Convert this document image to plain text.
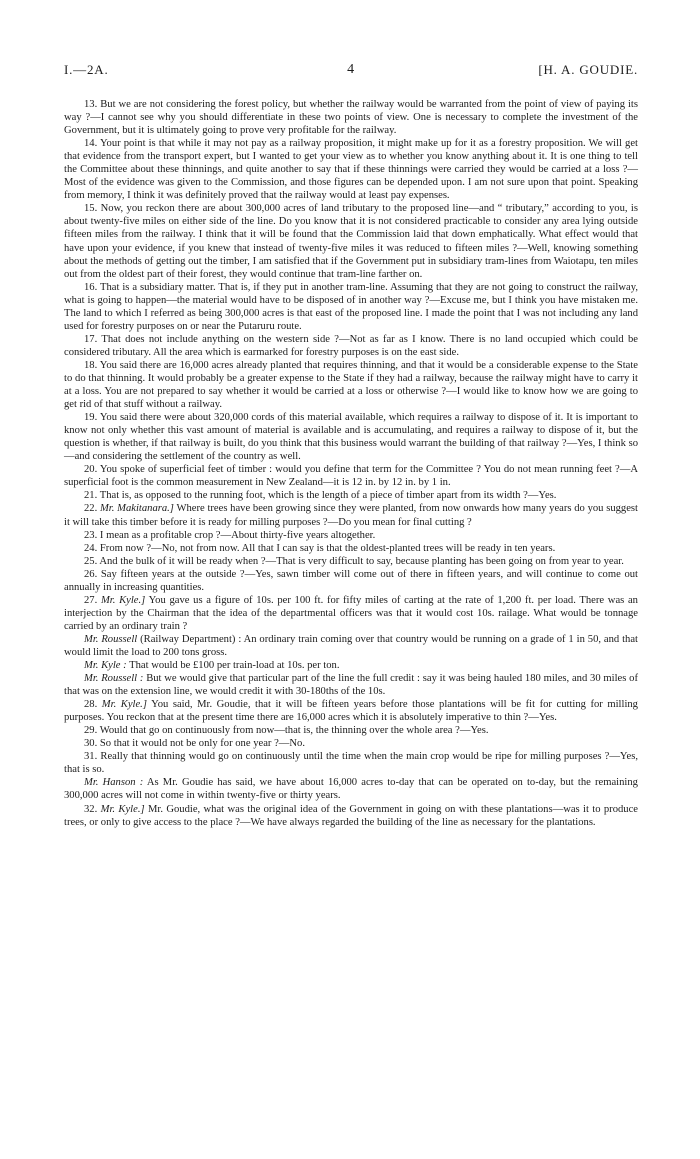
I.—2A.	4	[H. A. GOUDIE.

13. But we are not considering the forest policy, but whether the railway would be warranted from the point of view of paying its way ?—I cannot see why you should differentiate in these two points of view. One is necessary to complete the investment of the Government, but it is ultimately going to prove very profitable for the railway.

14. Your point is that while it may not pay as a railway proposition, it might make up for it as a forestry proposition. We will get that evidence from the transport expert, but I wanted to get your view as to whether you know anything about it. It is one thing to tell the Committee about these thinnings, and quite another to say that if these thinnings were carried they would be carried at a loss ?—Most of the evidence was given to the Commission, and those figures can be depended upon. I am not sure upon that point. Speaking from memory, I think it was definitely proved that the railway would at least pay expenses.

15. Now, you reckon there are about 300,000 acres of land tributary to the proposed line—and “ tributary,” according to you, is about twenty-five miles on either side of the line. Do you know that it is not considered practicable to consider any area lying outside fifteen miles from the railway. I think that it will be found that the Commission laid that down emphatically. What effect would that have upon your evidence, if you knew that instead of twenty-five miles it was reduced to fifteen miles ?—Well, knowing something about the methods of getting out the timber, I am satisfied that if the Government put in subsidiary tram-lines from Waiotapu, ten miles out from the oldest part of their forest, they would continue that tram-line farther on.

16. That is a subsidiary matter. That is, if they put in another tram-line. Assuming that they are not going to construct the railway, what is going to happen—the material would have to be disposed of in another way ?—Excuse me, but I think you have mistaken me. The land to which I referred as being 300,000 acres is that east of the proposed line. I made the point that I was not including any land used for forestry purposes on or near the Putaruru route.

17. That does not include anything on the western side ?—Not as far as I know. There is no land occupied which could be considered tributary. All the area which is earmarked for forestry purposes is on the east side.

18. You said there are 16,000 acres already planted that requires thinning, and that it would be a considerable expense to the State to do that thinning. It would probably be a greater expense to the State if they had a railway, because the railway might have to carry it at a loss. You are not prepared to say whether it would be carried at a loss or otherwise ?—I would like to know how we are going to get rid of that stuff without a railway.

19. You said there were about 320,000 cords of this material available, which requires a railway to dispose of it. It is important to know not only whether this vast amount of material is available and is accumulating, and requires a railway to dispose of it, but the question is whether, if that railway is built, do you think that this business would warrant the building of that railway ?—Yes, I think so—and considering the settlement of the country as well.

20. You spoke of superficial feet of timber : would you define that term for the Committee ? You do not mean running feet ?—A superficial foot is the common measurement in New Zealand—it is 12 in. by 12 in. by 1 in.

21. That is, as opposed to the running foot, which is the length of a piece of timber apart from its width ?—Yes.

22. Mr. Makitanara.] Where trees have been growing since they were planted, from now onwards how many years do you suggest it will take this timber before it is ready for milling purposes ?—Do you mean for final cutting ?

23. I mean as a profitable crop ?—About thirty-five years altogether.

24. From now ?—No, not from now. All that I can say is that the oldest-planted trees will be ready in ten years.

25. And the bulk of it will be ready when ?—That is very difficult to say, because planting has been going on from year to year.

26. Say fifteen years at the outside ?—Yes, sawn timber will come out of there in fifteen years, and will continue to come out annually in increasing quantities.

27. Mr. Kyle.] You gave us a figure of 10s. per 100 ft. for fifty miles of carting at the rate of 1,200 ft. per load. There was an interjection by the Chairman that the idea of the departmental officers was that it would cost 10s. railage. What would be tonnage carried by an ordinary train ?

Mr. Roussell (Railway Department) : An ordinary train coming over that country would be running on a grade of 1 in 50, and that would limit the load to 200 tons gross.

Mr. Kyle : That would be £100 per train-load at 10s. per ton.

Mr. Roussell : But we would give that particular part of the line the full credit : say it was being hauled 180 miles, and 30 miles of that was on the extension line, we would credit it with 30-180ths of the 10s.

28. Mr. Kyle.] You said, Mr. Goudie, that it will be fifteen years before those plantations will be fit for cutting for milling purposes. You reckon that at the present time there are 16,000 acres which it is absolutely imperative to thin ?—Yes.

29. Would that go on continuously from now—that is, the thinning over the whole area ?—Yes.

30. So that it would not be only for one year ?—No.

31. Really that thinning would go on continuously until the time when the main crop would be ripe for milling purposes ?—Yes, that is so.

Mr. Hanson : As Mr. Goudie has said, we have about 16,000 acres to-day that can be operated on to-day, but the remaining 300,000 acres will not come in within twenty-five or thirty years.

32. Mr. Kyle.] Mr. Goudie, what was the original idea of the Government in going on with these plantations—was it to produce trees, or only to give access to the place ?—We have always regarded the building of the line as necessary for the plantations.
